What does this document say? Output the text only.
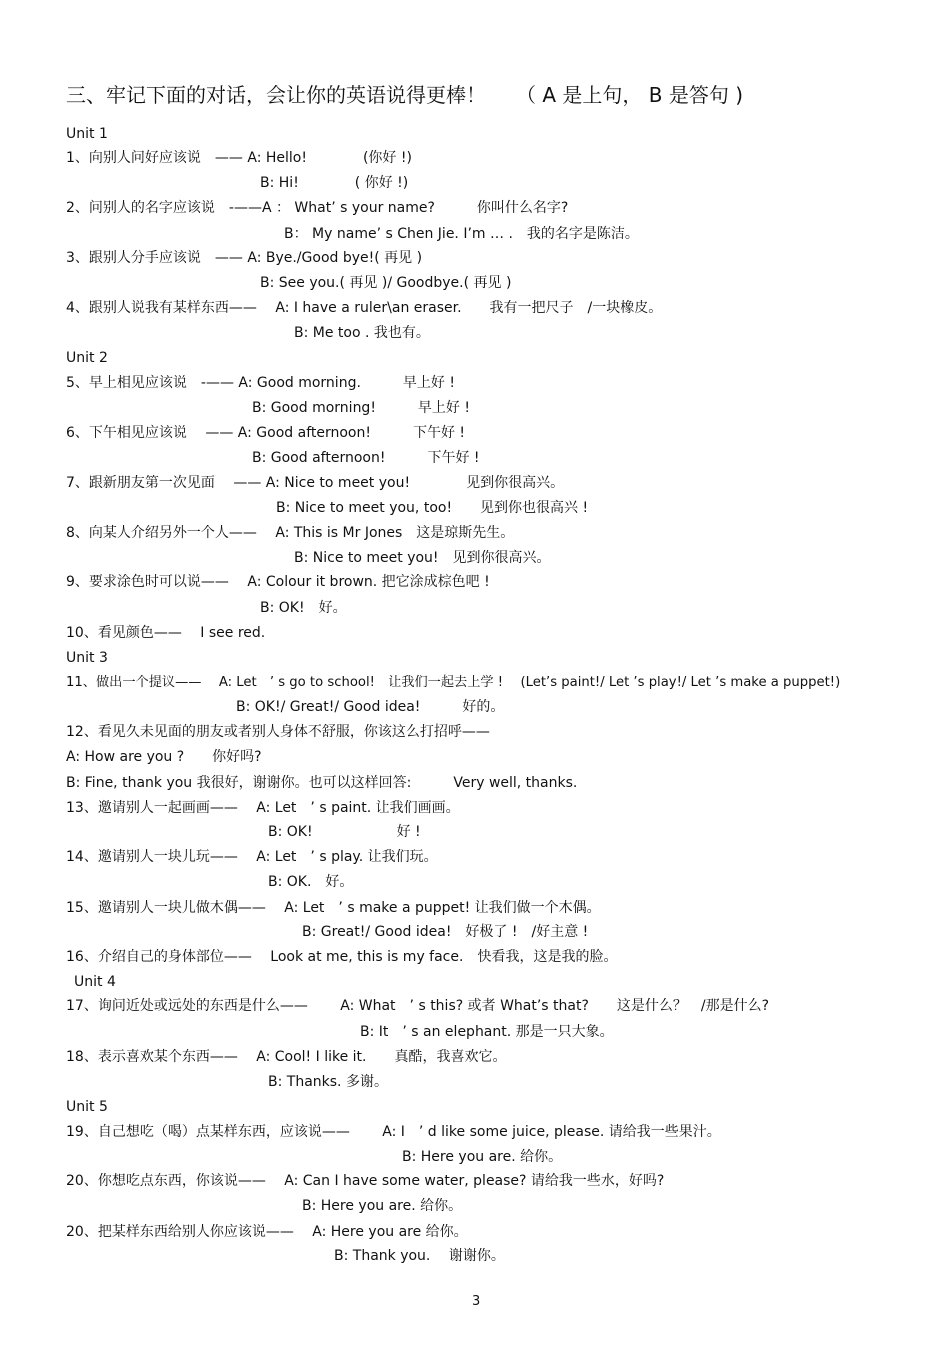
三、牢记下面的对话，会让你的英语说得更棒！　　（ A 是上句， B 是答句 )
Unit 1
1、向别人问好应该说　—— A: Hello!　　　　(你好 !)
B: Hi!　　　　( 你好 !)
2、问别人的名字应该说　-——A ： What’ s your name?　　　你叫什么名字?
B： My name’ s Chen Jie. I’m … .　我的名字是陈洁。
3、跟别人分手应该说　—— A: Bye./Good bye!( 再见 )
B: See you.( 再见 )/ Goodbye.( 再见 )
4、跟别人说我有某样东西——　 A: I have a ruler\an eraser.　　我有一把尺子　/一块橡皮。
B: Me too . 我也有。
Unit 2
5、早上相见应该说　-—— A: Good morning.　　　早上好 !
B: Good morning!　　　早上好 !
6、下午相见应该说　 —— A: Good afternoon!　　　下午好 !
B: Good afternoon!　　　下午好 !
7、跟新朋友第一次见面　 —— A: Nice to meet you!　　　　见到你很高兴。
B: Nice to meet you, too!　　见到你也很高兴 !
8、向某人介绍另外一个人——　 A: This is Mr Jones　这是琼斯先生。
B: Nice to meet you!　见到你很高兴。
9、要求涂色时可以说——　 A: Colour it brown. 把它涂成棕色吧 !
B: OK!　好。
10、看见颜色——　 I see red.
Unit 3
11、做出一个提议——　 A: Let　’ s go to school!　让我们一起去上学 !　 (Let’s paint!/ Let ’s play!/ Let ’s make a puppet!)
B: OK!/ Great!/ Good idea!　　　好的。
12、看见久未见面的朋友或者别人身体不舒服，你该这么打招呼——
A: How are you ?　　你好吗?
B: Fine, thank you 我很好，谢谢你。也可以这样回答:　　　Very well, thanks.
13、邀请别人一起画画——　 A: Let　’ s paint. 让我们画画。
B: OK!　　　　　　好 !
14、邀请别人一块儿玩——　 A: Let　’ s play. 让我们玩。
B: OK.　好。
15、邀请别人一块儿做木偶——　 A: Let　’ s make a puppet! 让我们做一个木偶。
B: Great!/ Good idea!　好极了 !　/好主意 !
16、介绍自己的身体部位——　 Look at me, this is my face.　快看我，这是我的脸。
Unit 4
17、询问近处或远处的东西是什么——　　 A: What　’ s this? 或者 What’s that?　　这是什么？　/那是什么?
B: It　’ s an elephant. 那是一只大象。
18、表示喜欢某个东西——　 A: Cool! I like it.　　真酷，我喜欢它。
B: Thanks. 多谢。
Unit 5
19、自己想吃（喝）点某样东西，应该说——　　 A: I　’ d like some juice, please. 请给我一些果汁。
B: Here you are. 给你。
20、你想吃点东西，你该说——　 A: Can I have some water, please? 请给我一些水，好吗?
B: Here you are. 给你。
20、把某样东西给别人你应该说——　 A: Here you are 给你。
B: Thank you.　 谢谢你。
3
